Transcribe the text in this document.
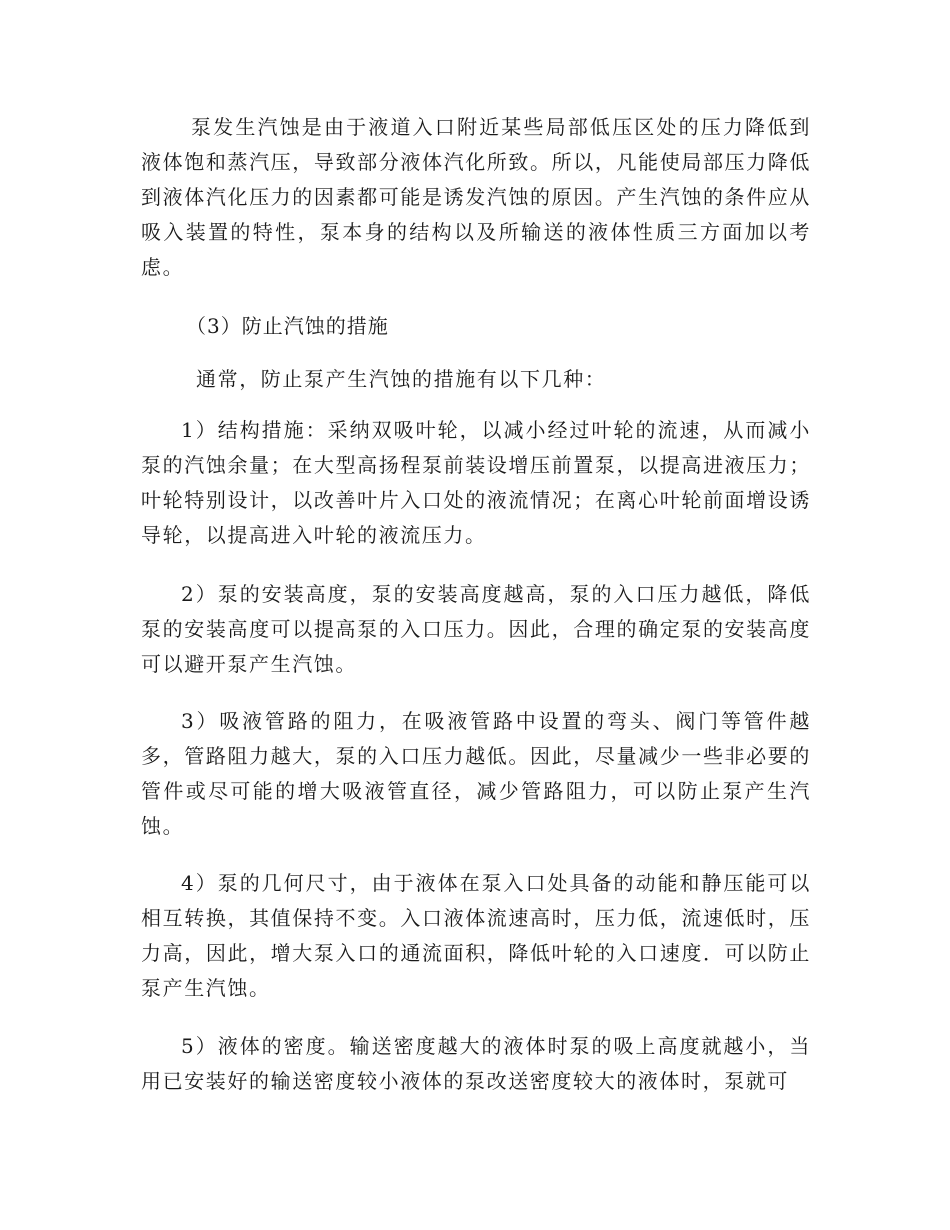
泵发生汽蚀是由于液道入口附近某些局部低压区处的压力降低到液体饱和蒸汽压，导致部分液体汽化所致。所以，凡能使局部压力降低到液体汽化压力的因素都可能是诱发汽蚀的原因。产生汽蚀的条件应从吸入装置的特性，泵本身的结构以及所输送的液体性质三方面加以考虑。

（3）防止汽蚀的措施

通常，防止泵产生汽蚀的措施有以下几种：

1）结构措施：采纳双吸叶轮，以减小经过叶轮的流速，从而减小泵的汽蚀余量；在大型高扬程泵前装设增压前置泵，以提高进液压力；叶轮特别设计，以改善叶片入口处的液流情况；在离心叶轮前面增设诱导轮，以提高进入叶轮的液流压力。

2）泵的安装高度，泵的安装高度越高，泵的入口压力越低，降低泵的安装高度可以提高泵的入口压力。因此，合理的确定泵的安装高度可以避开泵产生汽蚀。

3）吸液管路的阻力，在吸液管路中设置的弯头、阀门等管件越多，管路阻力越大，泵的入口压力越低。因此，尽量减少一些非必要的管件或尽可能的增大吸液管直径，减少管路阻力，可以防止泵产生汽蚀。

4）泵的几何尺寸，由于液体在泵入口处具备的动能和静压能可以相互转换，其值保持不变。入口液体流速高时，压力低，流速低时，压力高，因此，增大泵入口的通流面积，降低叶轮的入口速度．可以防止泵产生汽蚀。

5）液体的密度。输送密度越大的液体时泵的吸上高度就越小，当用已安装好的输送密度较小液体的泵改送密度较大的液体时，泵就可
